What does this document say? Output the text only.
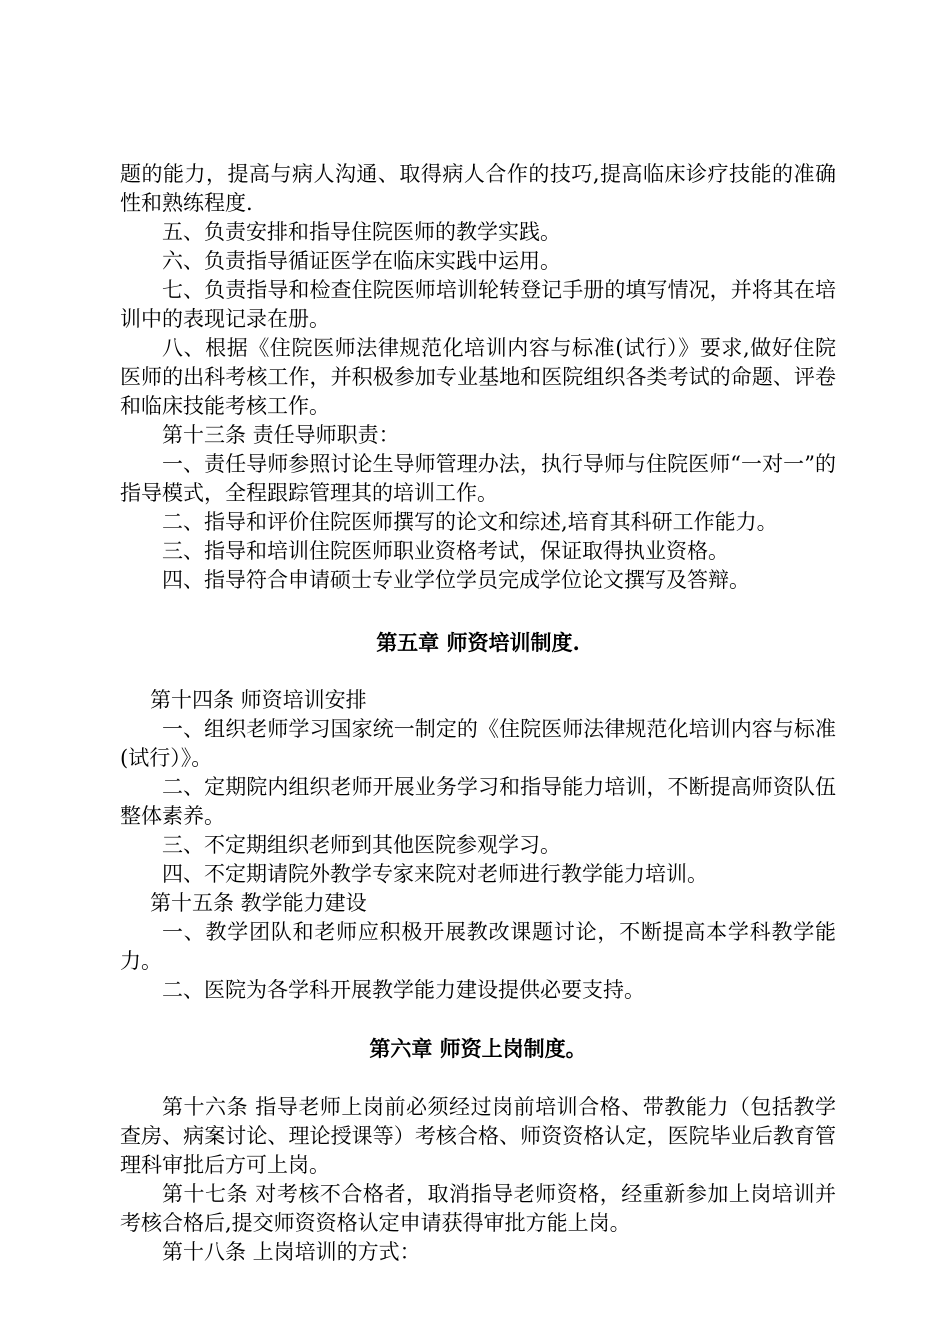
题的能力，提高与病人沟通、取得病人合作的技巧,提高临床诊疗技能的准确性和熟练程度.

五、负责安排和指导住院医师的教学实践。

六、负责指导循证医学在临床实践中运用。

七、负责指导和检查住院医师培训轮转登记手册的填写情况，并将其在培训中的表现记录在册。

八、根据《住院医师法律规范化培训内容与标准(试行）》要求,做好住院医师的出科考核工作，并积极参加专业基地和医院组织各类考试的命题、评卷和临床技能考核工作。

第十三条 责任导师职责：

一、责任导师参照讨论生导师管理办法，执行导师与住院医师“一对一”的指导模式，全程跟踪管理其的培训工作。

二、指导和评价住院医师撰写的论文和综述,培育其科研工作能力。

三、指导和培训住院医师职业资格考试，保证取得执业资格。

四、指导符合申请硕士专业学位学员完成学位论文撰写及答辩。

第五章 师资培训制度.

第十四条 师资培训安排

一、组织老师学习国家统一制定的《住院医师法律规范化培训内容与标准(试行）》。

二、定期院内组织老师开展业务学习和指导能力培训，不断提高师资队伍整体素养。

三、不定期组织老师到其他医院参观学习。

四、不定期请院外教学专家来院对老师进行教学能力培训。

第十五条 教学能力建设

一、教学团队和老师应积极开展教改课题讨论，不断提高本学科教学能力。

二、医院为各学科开展教学能力建设提供必要支持。

第六章 师资上岗制度。

第十六条 指导老师上岗前必须经过岗前培训合格、带教能力（包括教学查房、病案讨论、理论授课等）考核合格、师资资格认定，医院毕业后教育管理科审批后方可上岗。

第十七条 对考核不合格者，取消指导老师资格，经重新参加上岗培训并考核合格后,提交师资资格认定申请获得审批方能上岗。

第十八条 上岗培训的方式：
